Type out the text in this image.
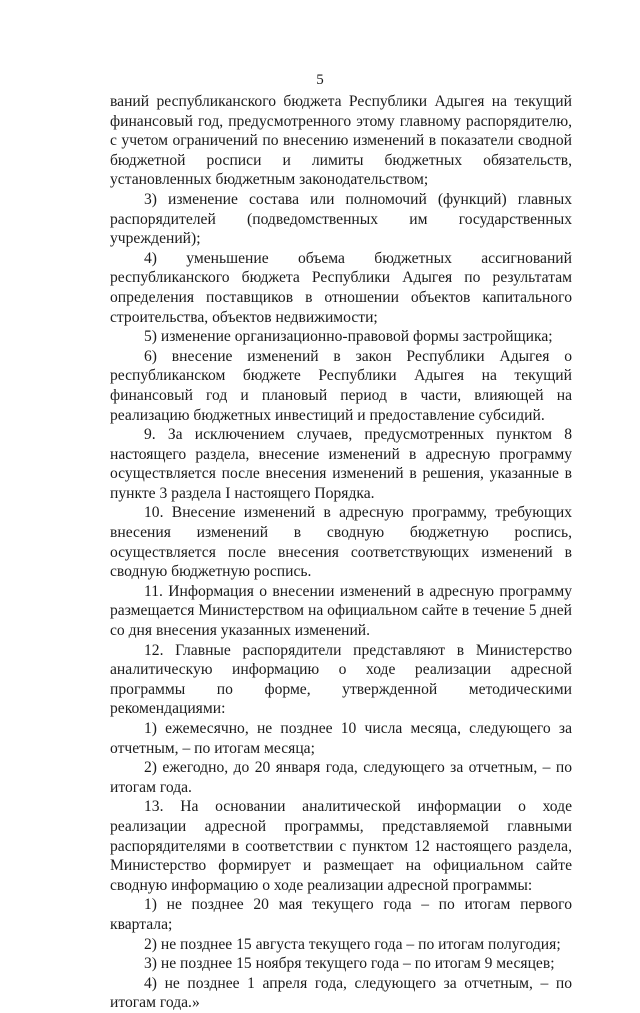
5

ваний республиканского бюджета Республики Адыгея на текущий финансовый год, предусмотренного этому главному распорядителю, с учетом ограничений по внесению изменений в показатели сводной бюджетной росписи и лимиты бюджетных обязательств, установленных бюджетным законодательством;

3) изменение состава или полномочий (функций) главных распорядителей (подведомственных им государственных учреждений);

4) уменьшение объема бюджетных ассигнований республиканского бюджета Республики Адыгея по результатам определения поставщиков в отношении объектов капитального строительства, объектов недвижимости;

5) изменение организационно-правовой формы застройщика;

6) внесение изменений в закон Республики Адыгея о республиканском бюджете Республики Адыгея на текущий финансовый год и плановый период в части, влияющей на реализацию бюджетных инвестиций и предоставление субсидий.

9. За исключением случаев, предусмотренных пунктом 8 настоящего раздела, внесение изменений в адресную программу осуществляется после внесения изменений в решения, указанные в пункте 3 раздела I настоящего Порядка.

10. Внесение изменений в адресную программу, требующих внесения изменений в сводную бюджетную роспись, осуществляется после внесения соответствующих изменений в сводную бюджетную роспись.

11. Информация о внесении изменений в адресную программу размещается Министерством на официальном сайте в течение 5 дней со дня внесения указанных изменений.

12. Главные распорядители представляют в Министерство аналитическую информацию о ходе реализации адресной программы по форме, утвержденной методическими рекомендациями:

1) ежемесячно, не позднее 10 числа месяца, следующего за отчетным, – по итогам месяца;

2) ежегодно, до 20 января года, следующего за отчетным, – по итогам года.

13. На основании аналитической информации о ходе реализации адресной программы, представляемой главными распорядителями в соответствии с пунктом 12 настоящего раздела, Министерство формирует и размещает на официальном сайте сводную информацию о ходе реализации адресной программы:

1) не позднее 20 мая текущего года – по итогам первого квартала;

2) не позднее 15 августа текущего года – по итогам полугодия;

3) не позднее 15 ноября текущего года – по итогам 9 месяцев;

4) не позднее 1 апреля года, следующего за отчетным, – по итогам года.»
